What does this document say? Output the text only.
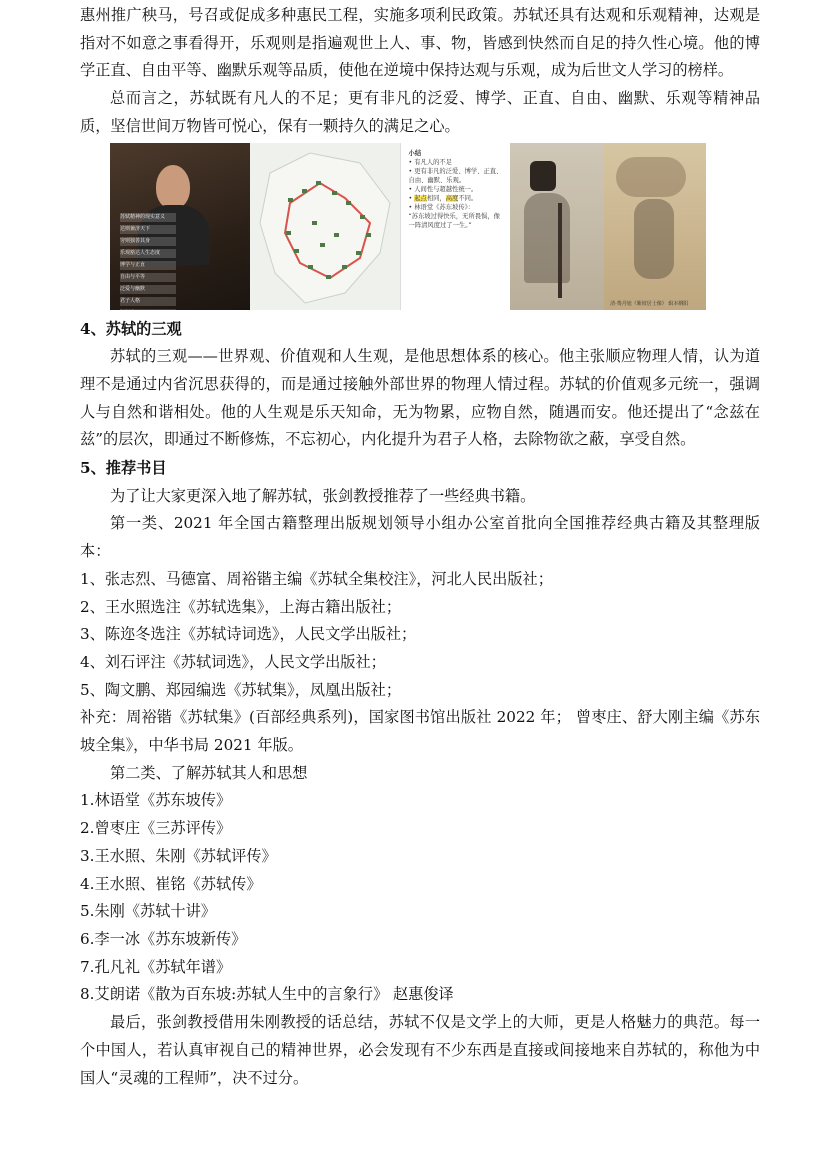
惠州推广秧马，号召或促成多种惠民工程，实施多项利民政策。苏轼还具有达观和乐观精神，达观是指对不如意之事看得开，乐观则是指遍观世上人、事、物，皆感到快然而自足的持久性心境。他的博学正直、自由平等、幽默乐观等品质，使他在逆境中保持达观与乐观，成为后世文人学习的榜样。

总而言之，苏轼既有凡人的不足；更有非凡的泛爱、博学、正直、自由、幽默、乐观等精神品质，坚信世间万物皆可悦心，保有一颗持久的满足之心。

苏轼精神的现实意义
达则兼济天下
穷则独善其身
乐观豁达人生态度
博学与正直
自由与平等
泛爱与幽默
君子人格
小结
• 有凡人的不足
• 更有非凡的泛爱、博学、正直、自由、幽默、乐观。
• 人间性与超越性统一。
• 起点相同，高度不同。
• 林语堂《苏东坡传》：
“苏东坡过得快乐，无所畏惧，像一阵清风度过了一生。”
清·费丹旭《紫坡居士像》 辑本纲阳
4、苏轼的三观

苏轼的三观——世界观、价值观和人生观，是他思想体系的核心。他主张顺应物理人情，认为道理不是通过内省沉思获得的，而是通过接触外部世界的物理人情过程。苏轼的价值观多元统一，强调人与自然和谐相处。他的人生观是乐天知命，无为物累，应物自然，随遇而安。他还提出了“念兹在兹”的层次，即通过不断修炼，不忘初心，内化提升为君子人格，去除物欲之蔽，享受自然。

5、推荐书目

为了让大家更深入地了解苏轼，张剑教授推荐了一些经典书籍。

第一类、2021 年全国古籍整理出版规划领导小组办公室首批向全国推荐经典古籍及其整理版本：

1、张志烈、马德富、周裕锴主编《苏轼全集校注》，河北人民出版社；

2、王水照选注《苏轼选集》，上海古籍出版社；

3、陈迩冬选注《苏轼诗词选》，人民文学出版社；

4、刘石评注《苏轼词选》，人民文学出版社；

5、陶文鹏、郑园编选《苏轼集》，凤凰出版社；

补充：周裕锴《苏轼集》(百部经典系列)，国家图书馆出版社 2022 年； 曾枣庄、舒大刚主编《苏东坡全集》，中华书局 2021 年版。

第二类、了解苏轼其人和思想

1.林语堂《苏东坡传》

2.曾枣庄《三苏评传》

3.王水照、朱刚《苏轼评传》

4.王水照、崔铭《苏轼传》

5.朱刚《苏轼十讲》

6.李一冰《苏东坡新传》

7.孔凡礼《苏轼年谱》

8.艾朗诺《散为百东坡:苏轼人生中的言象行》 赵惠俊译

最后，张剑教授借用朱刚教授的话总结，苏轼不仅是文学上的大师，更是人格魅力的典范。每一个中国人，若认真审视自己的精神世界，必会发现有不少东西是直接或间接地来自苏轼的，称他为中国人“灵魂的工程师”，决不过分。
